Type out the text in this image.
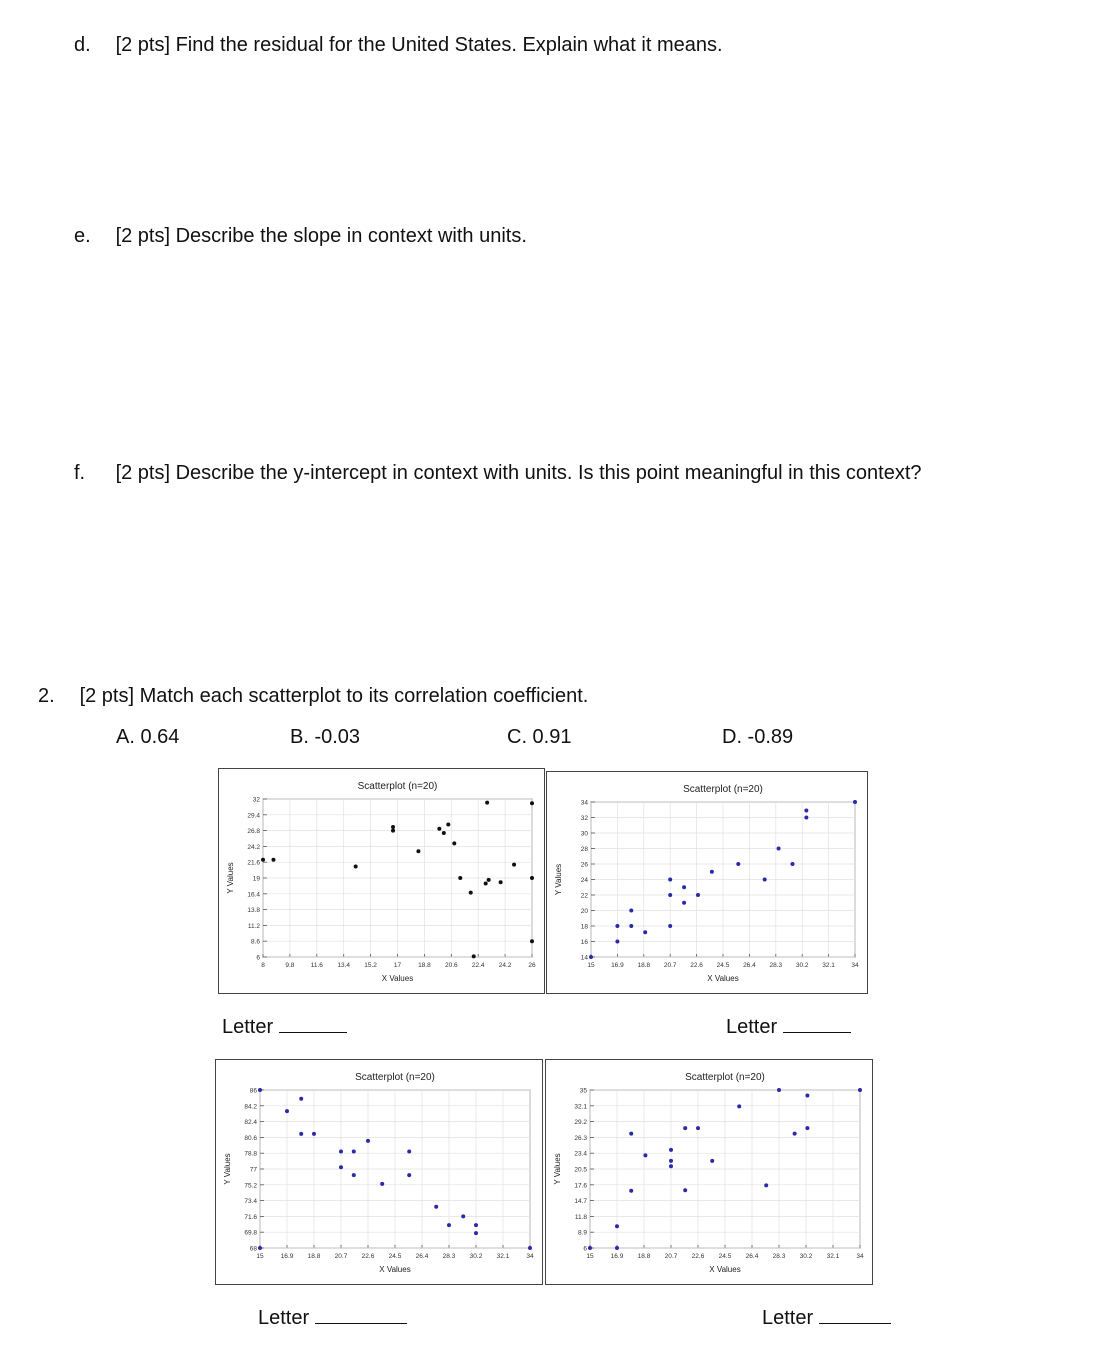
d. [2 pts] Find the residual for the United States. Explain what it means.
e. [2 pts] Describe the slope in context with units.
f. [2 pts] Describe the y-intercept in context with units. Is this point meaningful in this context?
2. [2 pts] Match each scatterplot to its correlation coefficient.
A. 0.64	B. -0.03	C. 0.91	D. -0.89
Scatterplot (n=20)
8	9.8	11.6 13.4 15.2	17	18.8 20.6 22.4 24.2	26
6
8.6
11.2
13.8
16.4
19
21.6
24.2
26.8
29.4
32
X Values
Y Values
Scatterplot (n=20)
15	16.9 18.8 20.7 22.6 24.5 26.4 28.3 30.2 32.1	34
14
16
18
20
22
24
26
28
30
32
34
X Values
Y Values
Scatterplot (n=20)
15	16.9 18.8 20.7 22.6 24.5 26.4 28.3 30.2 32.1	34
68
69.8
71.6
73.4
75.2
77
78.8
80.6
82.4
84.2
86
X Values
Y Values
Scatterplot (n=20)
15	16.9 18.8 20.7 22.6 24.5 26.4 28.3 30.2 32.1	34
6
8.9
11.8
14.7
17.6
20.5
23.4
26.3
29.2
32.1
35
X Values
Y Values
Letter	Letter
Letter	Letter
